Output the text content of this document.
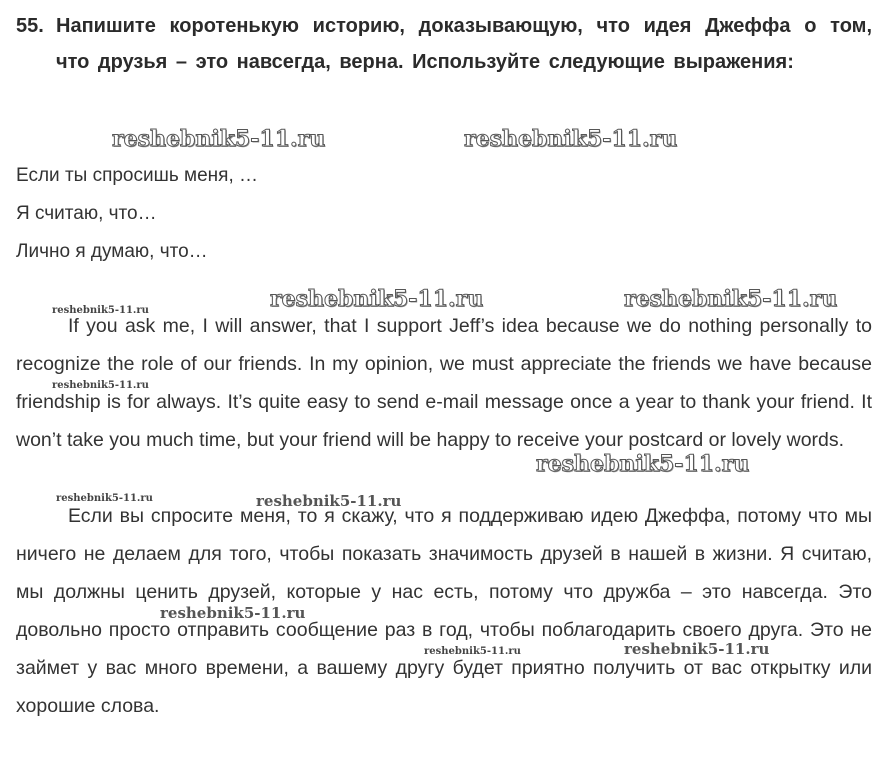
55. Напишите коротенькую историю, доказывающую, что идея Джеффа о том, что друзья – это навсегда, верна. Используйте следующие выражения:
reshebnik5-11.ru	reshebnik5-11.ru
Если ты спросишь меня, …
Я считаю, что…
Лично я думаю, что…
reshebnik5-11.ru	reshebnik5-11.ru	reshebnik5-11.ru
If you ask me, I will answer, that I support Jeff’s idea because we do nothing personally to recognize the role of our friends. In my opinion, we must appreciate the friends we have because friendship is for always. It’s quite easy to send e-mail message once a year to thank your friend. It won’t take you much time, but your friend will be happy to receive your postcard or lovely words.
reshebnik5-11.ru
reshebnik5-11.ru
reshebnik5-11.ru	reshebnik5-11.ru
Если вы спросите меня, то я скажу, что я поддерживаю идею Джеффа, потому что мы ничего не делаем для того, чтобы показать значимость друзей в нашей в жизни. Я считаю, мы должны ценить друзей, которые у нас есть, потому что дружба – это навсегда. Это довольно просто отправить сообщение раз в год, чтобы поблагодарить своего друга. Это не займет у вас много времени, а вашему другу будет приятно получить от вас открытку или хорошие слова.
reshebnik5-11.ru
reshebnik5-11.ru	reshebnik5-11.ru
